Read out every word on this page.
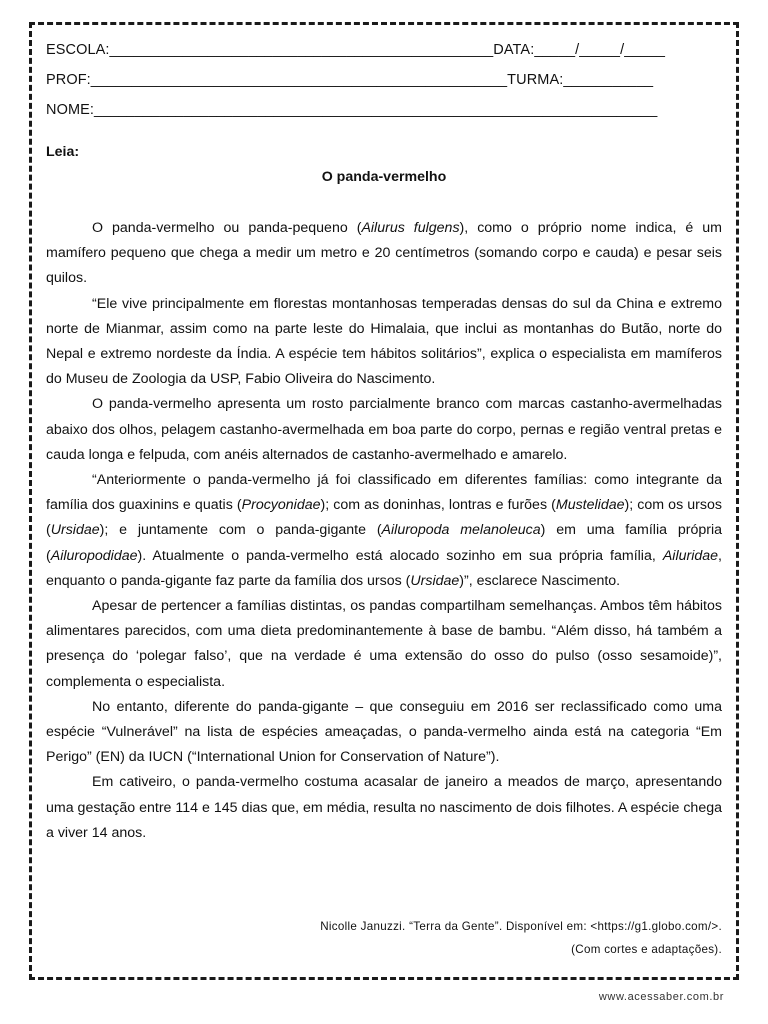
ESCOLA:_______________________________________________DATA:_____/_____/_____
PROF:___________________________________________________TURMA:___________
NOME:_____________________________________________________________________
Leia:
O panda-vermelho

O panda-vermelho ou panda-pequeno (Ailurus fulgens), como o próprio nome indica, é um mamífero pequeno que chega a medir um metro e 20 centímetros (somando corpo e cauda) e pesar seis quilos.

“Ele vive principalmente em florestas montanhosas temperadas densas do sul da China e extremo norte de Mianmar, assim como na parte leste do Himalaia, que inclui as montanhas do Butão, norte do Nepal e extremo nordeste da Índia. A espécie tem hábitos solitários”, explica o especialista em mamíferos do Museu de Zoologia da USP, Fabio Oliveira do Nascimento.

O panda-vermelho apresenta um rosto parcialmente branco com marcas castanho-avermelhadas abaixo dos olhos, pelagem castanho-avermelhada em boa parte do corpo, pernas e região ventral pretas e cauda longa e felpuda, com anéis alternados de castanho-avermelhado e amarelo.

“Anteriormente o panda-vermelho já foi classificado em diferentes famílias: como integrante da família dos guaxinins e quatis (Procyonidae); com as doninhas, lontras e furões (Mustelidae); com os ursos (Ursidae); e juntamente com o panda-gigante (Ailuropoda melanoleuca) em uma família própria (Ailuropodidae). Atualmente o panda-vermelho está alocado sozinho em sua própria família, Ailuridae, enquanto o panda-gigante faz parte da família dos ursos (Ursidae)”, esclarece Nascimento.

Apesar de pertencer a famílias distintas, os pandas compartilham semelhanças. Ambos têm hábitos alimentares parecidos, com uma dieta predominantemente à base de bambu. “Além disso, há também a presença do ‘polegar falso’, que na verdade é uma extensão do osso do pulso (osso sesamoide)”, complementa o especialista.

No entanto, diferente do panda-gigante – que conseguiu em 2016 ser reclassificado como uma espécie “Vulnerável” na lista de espécies ameaçadas, o panda-vermelho ainda está na categoria “Em Perigo” (EN) da IUCN (“International Union for Conservation of Nature”).

Em cativeiro, o panda-vermelho costuma acasalar de janeiro a meados de março, apresentando uma gestação entre 114 e 145 dias que, em média, resulta no nascimento de dois filhotes. A espécie chega a viver 14 anos.

Nicolle Januzzi. “Terra da Gente”. Disponível em: <https://g1.globo.com/>.
(Com cortes e adaptações).
www.acessaber.com.br
